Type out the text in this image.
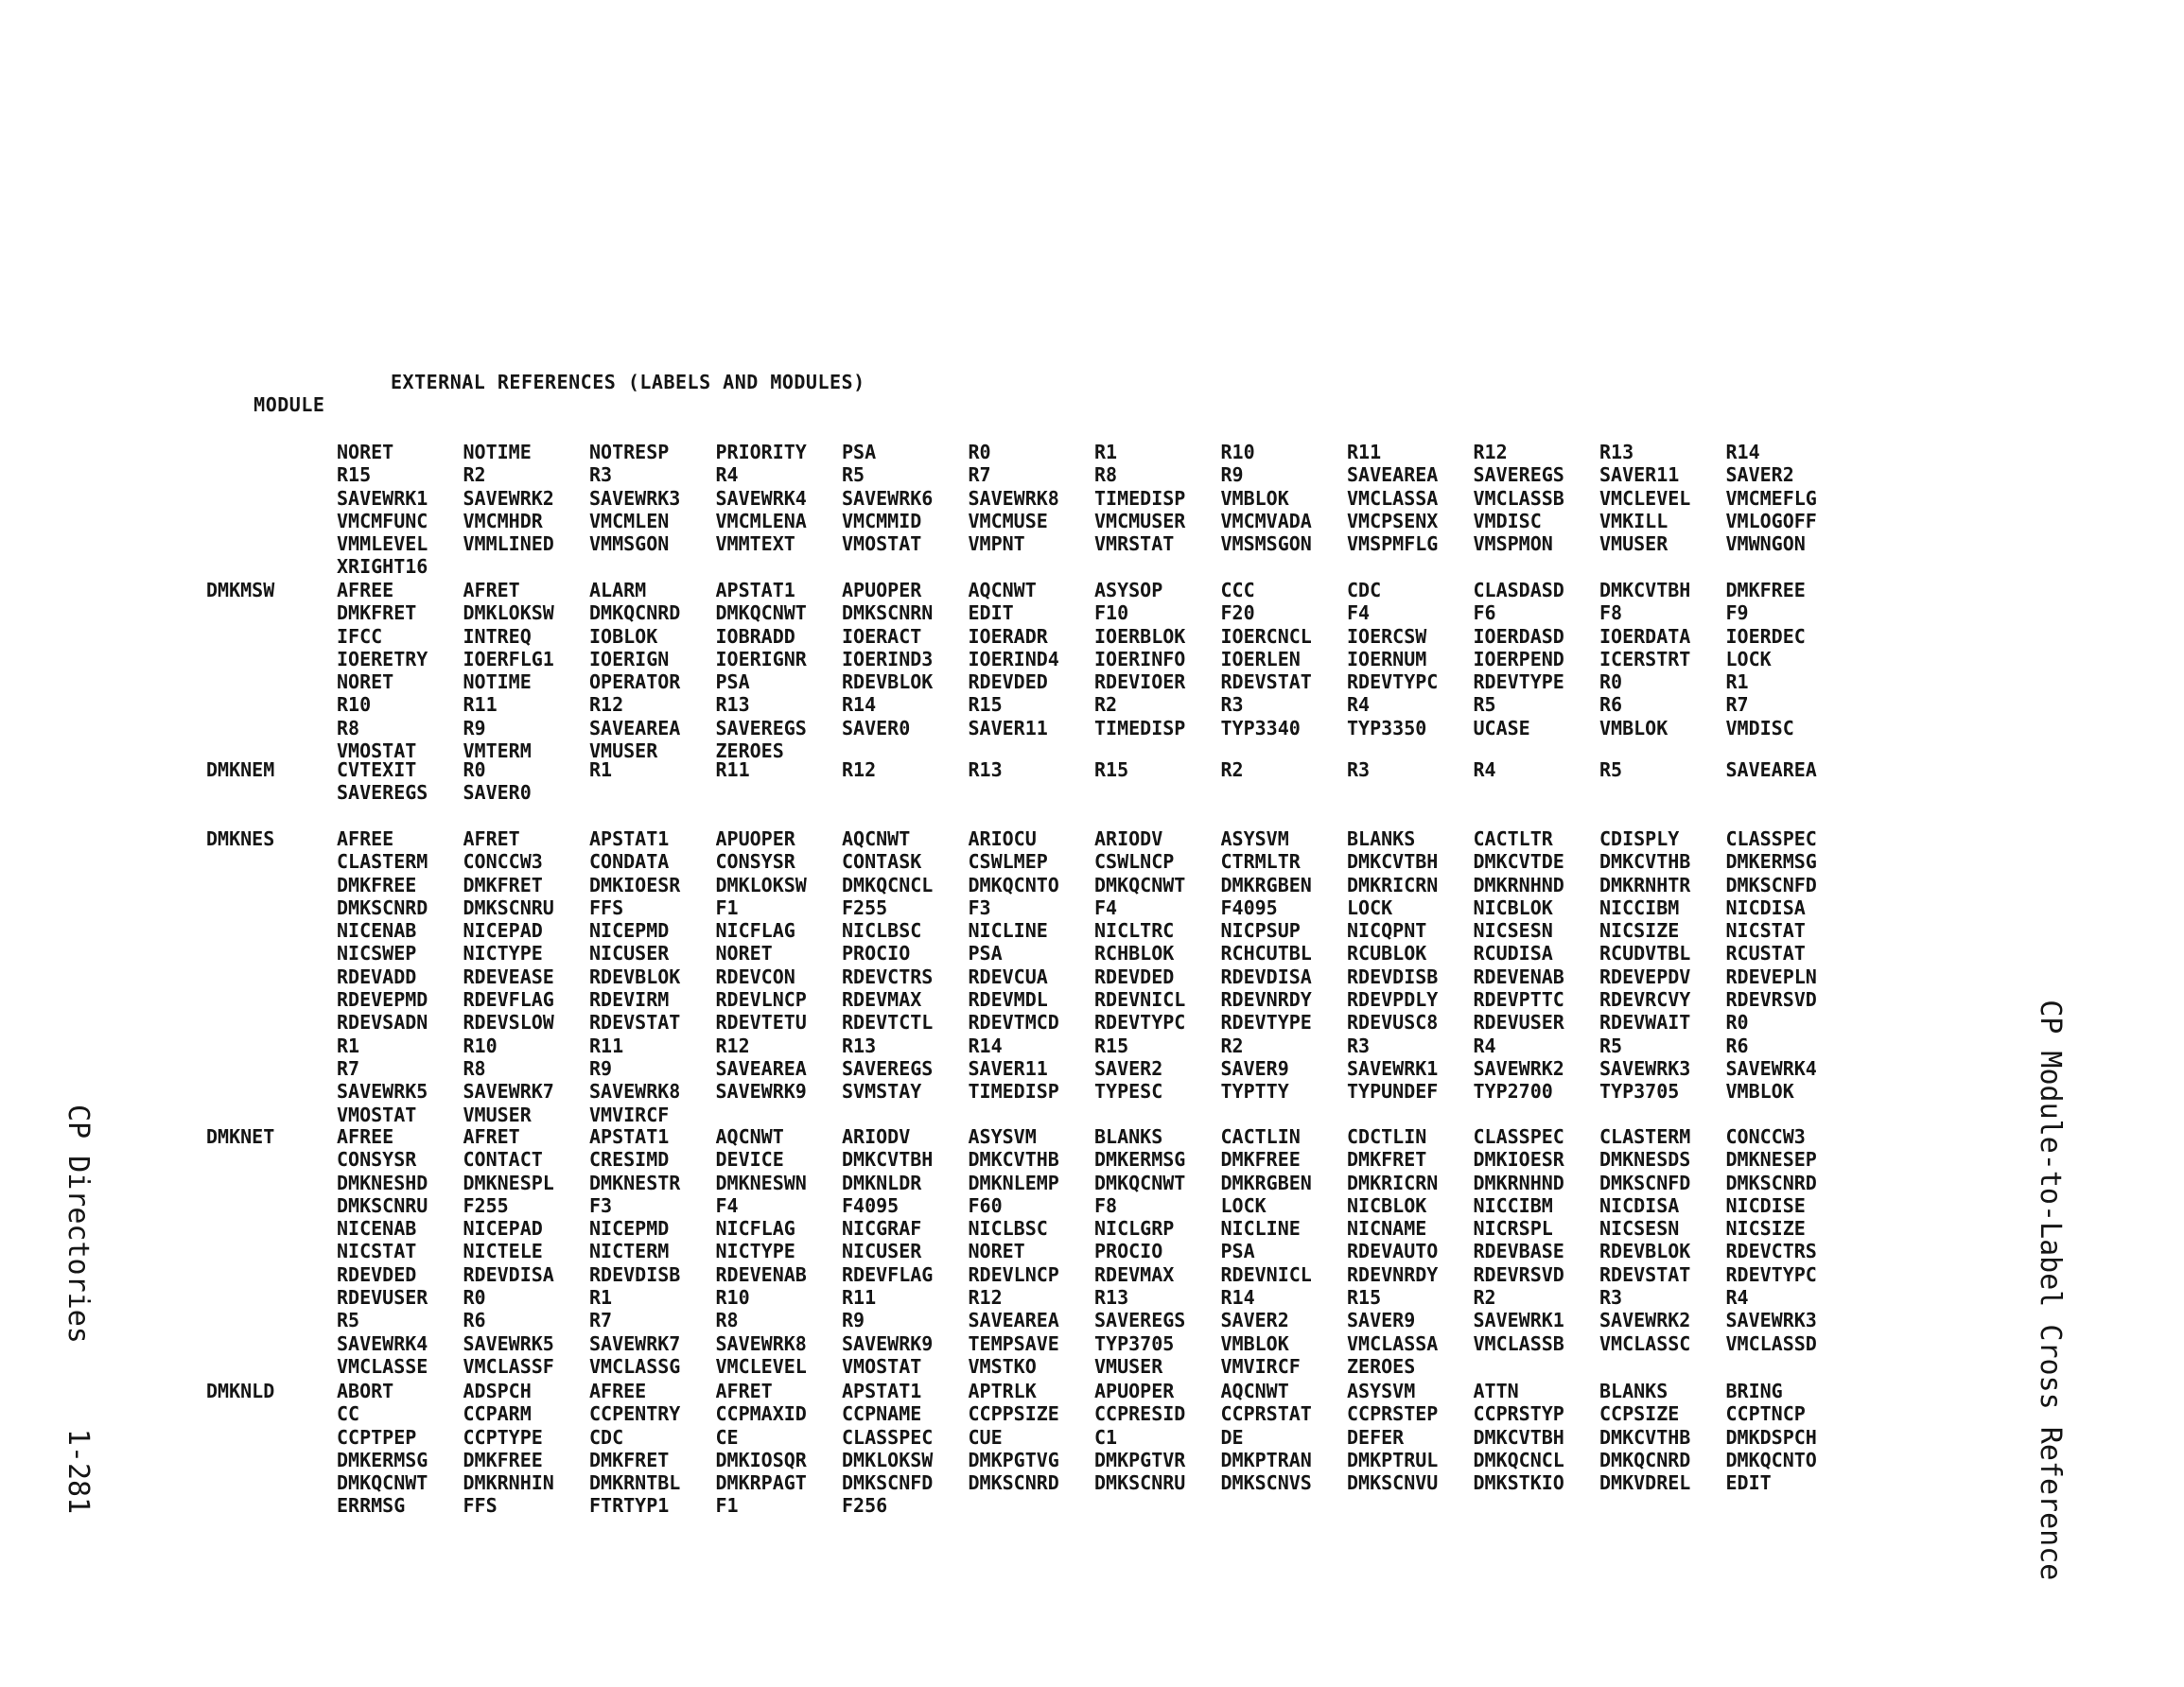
MODULE

EXTERNAL REFERENCES (LABELS AND MODULES)

NORET	NOTIME	NOTRESP	PRIORITY	PSA	R0	R1	R10	R11	R12	R13	R14
R15	R2	R3	R4	R5	R7	R8	R9	SAVEAREA	SAVEREGS	SAVER11	SAVER2
SAVEWRK1	SAVEWRK2	SAVEWRK3	SAVEWRK4	SAVEWRK6	SAVEWRK8	TIMEDISP	VMBLOK	VMCLASSA	VMCLASSB	VMCLEVEL	VMCMEFLG
VMCMFUNC	VMCMHDR	VMCMLEN	VMCMLENA	VMCMMID	VMCMUSE	VMCMUSER	VMCMVADA	VMCPSENX	VMDISC	VMKILL	VMLOGOFF
VMMLEVEL	VMMLINED	VMMSGON	VMMTEXT	VMOSTAT	VMPNT	VMRSTAT	VMSMSGON	VMSPMFLG	VMSPMON	VMUSER	VMWNGON
XRIGHT16
DMKMSW	AFREE	AFRET	ALARM	APSTAT1	APUOPER	AQCNWT	ASYSOP	CCC	CDC	CLASDASD	DMKCVTBH	DMKFREE
DMKFRET	DMKLOKSW	DMKQCNRD	DMKQCNWT	DMKSCNRN	EDIT	F10	F20	F4	F6	F8	F9
IFCC	INTREQ	IOBLOK	IOBRADD	IOERACT	IOERADR	IOERBLOK	IOERCNCL	IOERCSW	IOERDASD	IOERDATA	IOERDEC
IOERETRY	IOERFLG1	IOERIGN	IOERIGNR	IOERIND3	IOERIND4	IOERINFO	IOERLEN	IOERNUM	IOERPEND	ICERSTRT	LOCK
NORET	NOTIME	OPERATOR	PSA	RDEVBLOK	RDEVDED	RDEVIOER	RDEVSTAT	RDEVTYPC	RDEVTYPE	R0	R1
R10	R11	R12	R13	R14	R15	R2	R3	R4	R5	R6	R7
R8	R9	SAVEAREA	SAVEREGS	SAVER0	SAVER11	TIMEDISP	TYP3340	TYP3350	UCASE	VMBLOK	VMDISC
VMOSTAT	VMTERM	VMUSER	ZEROES
DMKNEM	CVTEXIT	R0	R1	R11	R12	R13	R15	R2	R3	R4	R5	SAVEAREA
SAVEREGS	SAVER0
DMKNES	AFREE	AFRET	APSTAT1	APUOPER	AQCNWT	ARIOCU	ARIODV	ASYSVM	BLANKS	CACTLTR	CDISPLY	CLASSPEC
CLASTERM	CONCCW3	CONDATA	CONSYSR	CONTASK	CSWLMEP	CSWLNCP	CTRMLTR	DMKCVTBH	DMKCVTDE	DMKCVTHB	DMKERMSG
DMKFREE	DMKFRET	DMKIOESR	DMKLOKSW	DMKQCNCL	DMKQCNTO	DMKQCNWT	DMKRGBEN	DMKRICRN	DMKRNHND	DMKRNHTR	DMKSCNFD
DMKSCNRD	DMKSCNRU	FFS	F1	F255	F3	F4	F4095	LOCK	NICBLOK	NICCIBM	NICDISA
NICENAB	NICEPAD	NICEPMD	NICFLAG	NICLBSC	NICLINE	NICLTRC	NICPSUP	NICQPNT	NICSESN	NICSIZE	NICSTAT
NICSWEP	NICTYPE	NICUSER	NORET	PROCIO	PSA	RCHBLOK	RCHCUTBL	RCUBLOK	RCUDISA	RCUDVTBL	RCUSTAT
RDEVADD	RDEVEASE	RDEVBLOK	RDEVCON	RDEVCTRS	RDEVCUA	RDEVDED	RDEVDISA	RDEVDISB	RDEVENAB	RDEVEPDV	RDEVEPLN
RDEVEPMD	RDEVFLAG	RDEVIRM	RDEVLNCP	RDEVMAX	RDEVMDL	RDEVNICL	RDEVNRDY	RDEVPDLY	RDEVPTTC	RDEVRCVY	RDEVRSVD
RDEVSADN	RDEVSLOW	RDEVSTAT	RDEVTETU	RDEVTCTL	RDEVTMCD	RDEVTYPC	RDEVTYPE	RDEVUSC8	RDEVUSER	RDEVWAIT	R0
R1	R10	R11	R12	R13	R14	R15	R2	R3	R4	R5	R6
R7	R8	R9	SAVEAREA	SAVEREGS	SAVER11	SAVER2	SAVER9	SAVEWRK1	SAVEWRK2	SAVEWRK3	SAVEWRK4
SAVEWRK5	SAVEWRK7	SAVEWRK8	SAVEWRK9	SVMSTAY	TIMEDISP	TYPESC	TYPTTY	TYPUNDEF	TYP2700	TYP3705	VMBLOK
VMOSTAT	VMUSER	VMVIRCF
DMKNET	AFREE	AFRET	APSTAT1	AQCNWT	ARIODV	ASYSVM	BLANKS	CACTLIN	CDCTLIN	CLASSPEC	CLASTERM	CONCCW3
CONSYSR	CONTACT	CRESIMD	DEVICE	DMKCVTBH	DMKCVTHB	DMKERMSG	DMKFREE	DMKFRET	DMKIOESR	DMKNESDS	DMKNESEP
DMKNESHD	DMKNESPL	DMKNESTR	DMKNESWN	DMKNLDR	DMKNLEMP	DMKQCNWT	DMKRGBEN	DMKRICRN	DMKRNHND	DMKSCNFD	DMKSCNRD
DMKSCNRU	F255	F3	F4	F4095	F60	F8	LOCK	NICBLOK	NICCIBM	NICDISA	NICDISE
NICENAB	NICEPAD	NICEPMD	NICFLAG	NICGRAF	NICLBSC	NICLGRP	NICLINE	NICNAME	NICRSPL	NICSESN	NICSIZE
NICSTAT	NICTELE	NICTERM	NICTYPE	NICUSER	NORET	PROCIO	PSA	RDEVAUTO	RDEVBASE	RDEVBLOK	RDEVCTRS
RDEVDED	RDEVDISA	RDEVDISB	RDEVENAB	RDEVFLAG	RDEVLNCP	RDEVMAX	RDEVNICL	RDEVNRDY	RDEVRSVD	RDEVSTAT	RDEVTYPC
RDEVUSER	R0	R1	R10	R11	R12	R13	R14	R15	R2	R3	R4
R5	R6	R7	R8	R9	SAVEAREA	SAVEREGS	SAVER2	SAVER9	SAVEWRK1	SAVEWRK2	SAVEWRK3
SAVEWRK4	SAVEWRK5	SAVEWRK7	SAVEWRK8	SAVEWRK9	TEMPSAVE	TYP3705	VMBLOK	VMCLASSA	VMCLASSB	VMCLASSC	VMCLASSD
VMCLASSE	VMCLASSF	VMCLASSG	VMCLEVEL	VMOSTAT	VMSTKO	VMUSER	VMVIRCF	ZEROES
DMKNLD	ABORT	ADSPCH	AFREE	AFRET	APSTAT1	APTRLK	APUOPER	AQCNWT	ASYSVM	ATTN	BLANKS	BRING
CC	CCPARM	CCPENTRY	CCPMAXID	CCPNAME	CCPPSIZE	CCPRESID	CCPRSTAT	CCPRSTEP	CCPRSTYP	CCPSIZE	CCPTNCP
CCPTPEP	CCPTYPE	CDC	CE	CLASSPEC	CUE	C1	DE	DEFER	DMKCVTBH	DMKCVTHB	DMKDSPCH
DMKERMSG	DMKFREE	DMKFRET	DMKIOSQR	DMKLOKSW	DMKPGTVG	DMKPGTVR	DMKPTRAN	DMKPTRUL	DMKQCNCL	DMKQCNRD	DMKQCNTO
DMKQCNWT	DMKRNHIN	DMKRNTBL	DMKRPAGT	DMKSCNFD	DMKSCNRD	DMKSCNRU	DMKSCNVS	DMKSCNVU	DMKSTKIO	DMKVDREL	EDIT
ERRMSG	FFS	FTRTYP1	F1	F256
CP Directories
1-281	CP Module-to-Label Cross Reference
